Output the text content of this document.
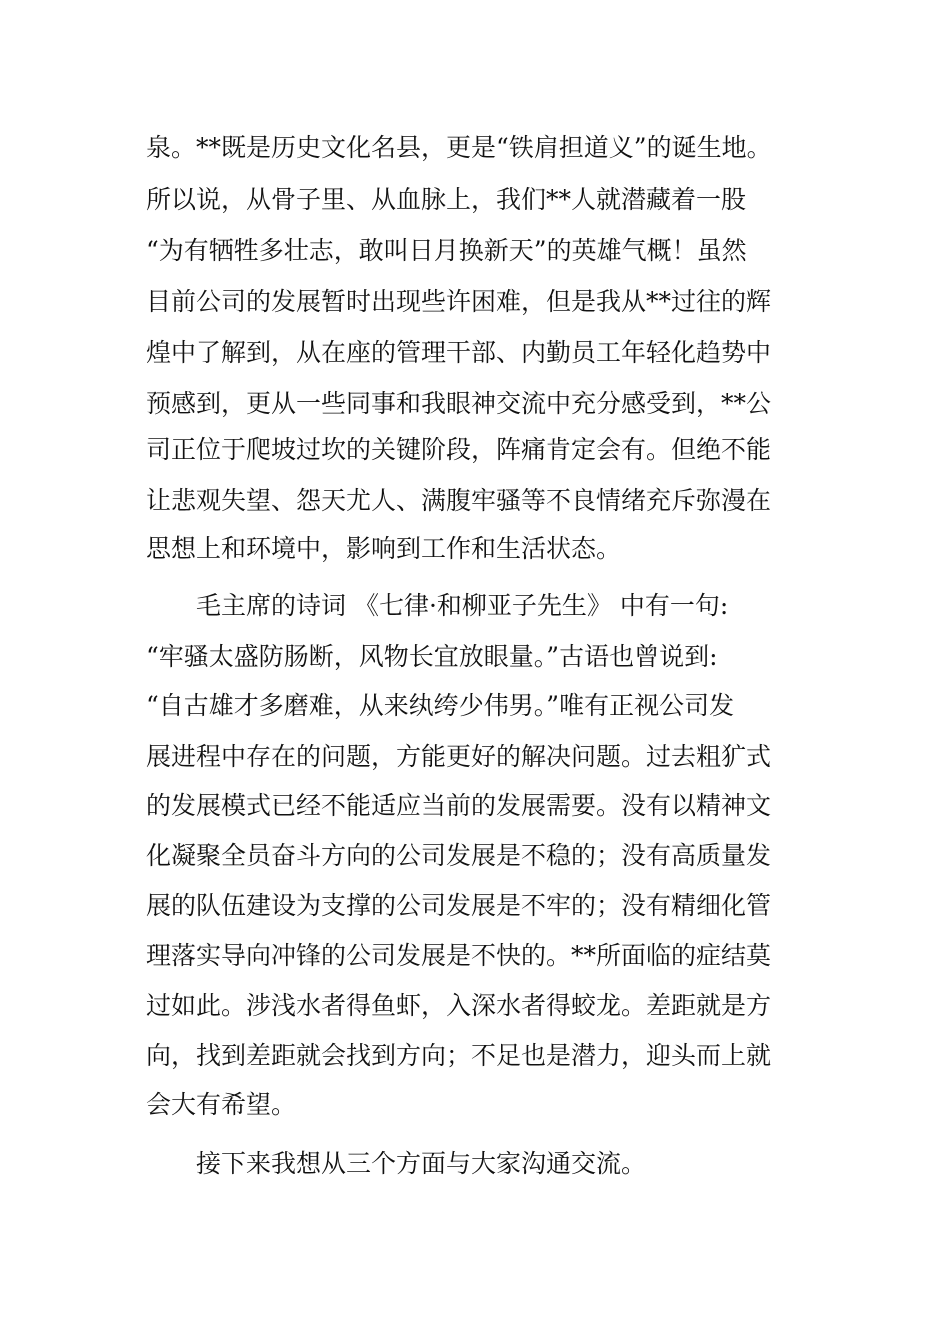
泉。**既是历史文化名县，更是“铁肩担道义”的诞生地。
所以说，从骨子里、从血脉上，我们**人就潜藏着一股
“为有牺牲多壮志，敢叫日月换新天”的英雄气概！虽然
目前公司的发展暂时出现些许困难，但是我从**过往的辉
煌中了解到，从在座的管理干部、内勤员工年轻化趋势中
预感到，更从一些同事和我眼神交流中充分感受到，**公
司正位于爬坡过坎的关键阶段，阵痛肯定会有。但绝不能
让悲观失望、怨天尤人、满腹牢骚等不良情绪充斥弥漫在
思想上和环境中，影响到工作和生活状态。
毛主席的诗词 《七律·和柳亚子先生》 中有一句:
“牢骚太盛防肠断，风物长宜放眼量。”古语也曾说到:
“自古雄才多磨难，从来纨绔少伟男。”唯有正视公司发
展进程中存在的问题，方能更好的解决问题。过去粗犷式
的发展模式已经不能适应当前的发展需要。没有以精神文
化凝聚全员奋斗方向的公司发展是不稳的；没有高质量发
展的队伍建设为支撑的公司发展是不牢的；没有精细化管
理落实导向冲锋的公司发展是不快的。**所面临的症结莫
过如此。涉浅水者得鱼虾，入深水者得蛟龙。差距就是方
向，找到差距就会找到方向；不足也是潜力，迎头而上就
会大有希望。
接下来我想从三个方面与大家沟通交流。
